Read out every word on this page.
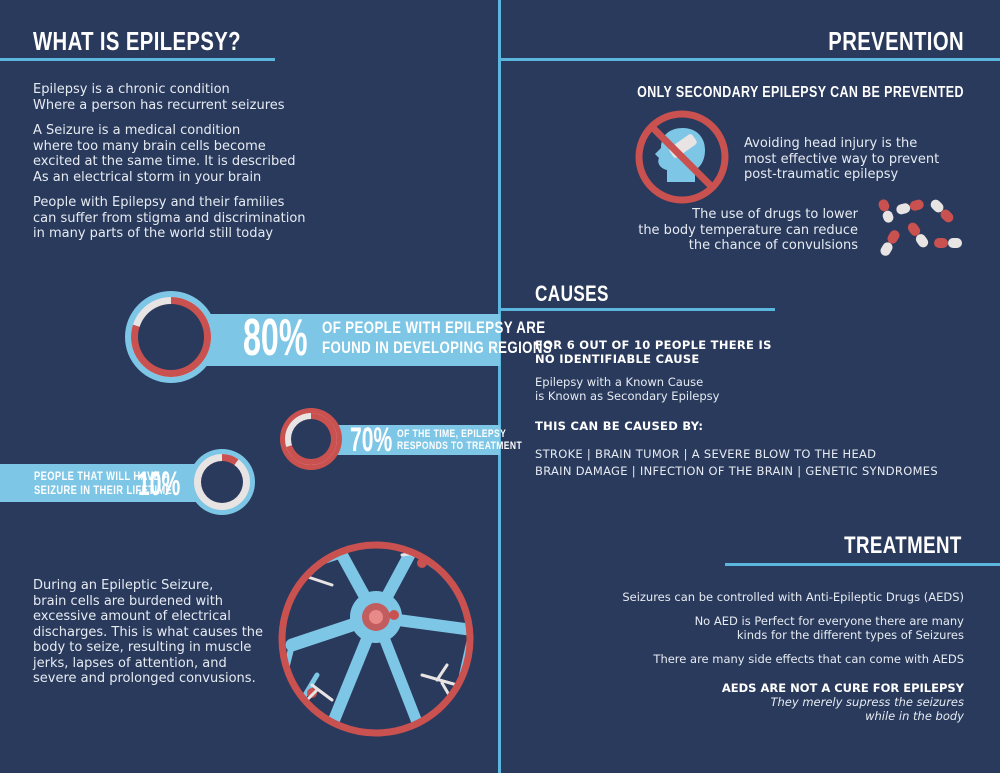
WHAT IS EPILEPSY?
Epilepsy is a chronic condition
Where a person has recurrent seizures
A Seizure is a medical condition
where too many brain cells become
excited at the same time. It is described
As an electrical storm in your brain
People with Epilepsy and their families
can suffer from stigma and discrimination
in many parts of the world still today
80% OF PEOPLE WITH EPILEPSY ARE
FOUND IN DEVELOPING REGIONS
70% OF THE TIME, EPILEPSY
RESPONDS TO TREATMENT
PEOPLE THAT WILL HAVE A
SEIZURE IN THEIR LIFETIME
10%
During an Epileptic Seizure,
brain cells are burdened with
excessive amount of electrical
discharges. This is what causes the
body to seize, resulting in muscle
jerks, lapses of attention, and
severe and prolonged convusions.
PREVENTION
ONLY SECONDARY EPILEPSY CAN BE PREVENTED
Avoiding head injury is the
most effective way to prevent
post-traumatic epilepsy
The use of drugs to lower
the body temperature can reduce
the chance of convulsions
CAUSES
FOR 6 OUT OF 10 PEOPLE THERE IS
NO IDENTIFIABLE CAUSE
Epilepsy with a Known Cause
is Known as Secondary Epilepsy
THIS CAN BE CAUSED BY:
STROKE | BRAIN TUMOR | A SEVERE BLOW TO THE HEAD
BRAIN DAMAGE | INFECTION OF THE BRAIN | GENETIC SYNDROMES
TREATMENT
Seizures can be controlled with Anti-Epileptic Drugs (AEDS)
No AED is Perfect for everyone there are many
kinds for the different types of Seizures
There are many side effects that can come with AEDS
AEDS ARE NOT A CURE FOR EPILEPSY
They merely supress the seizures
while in the body
